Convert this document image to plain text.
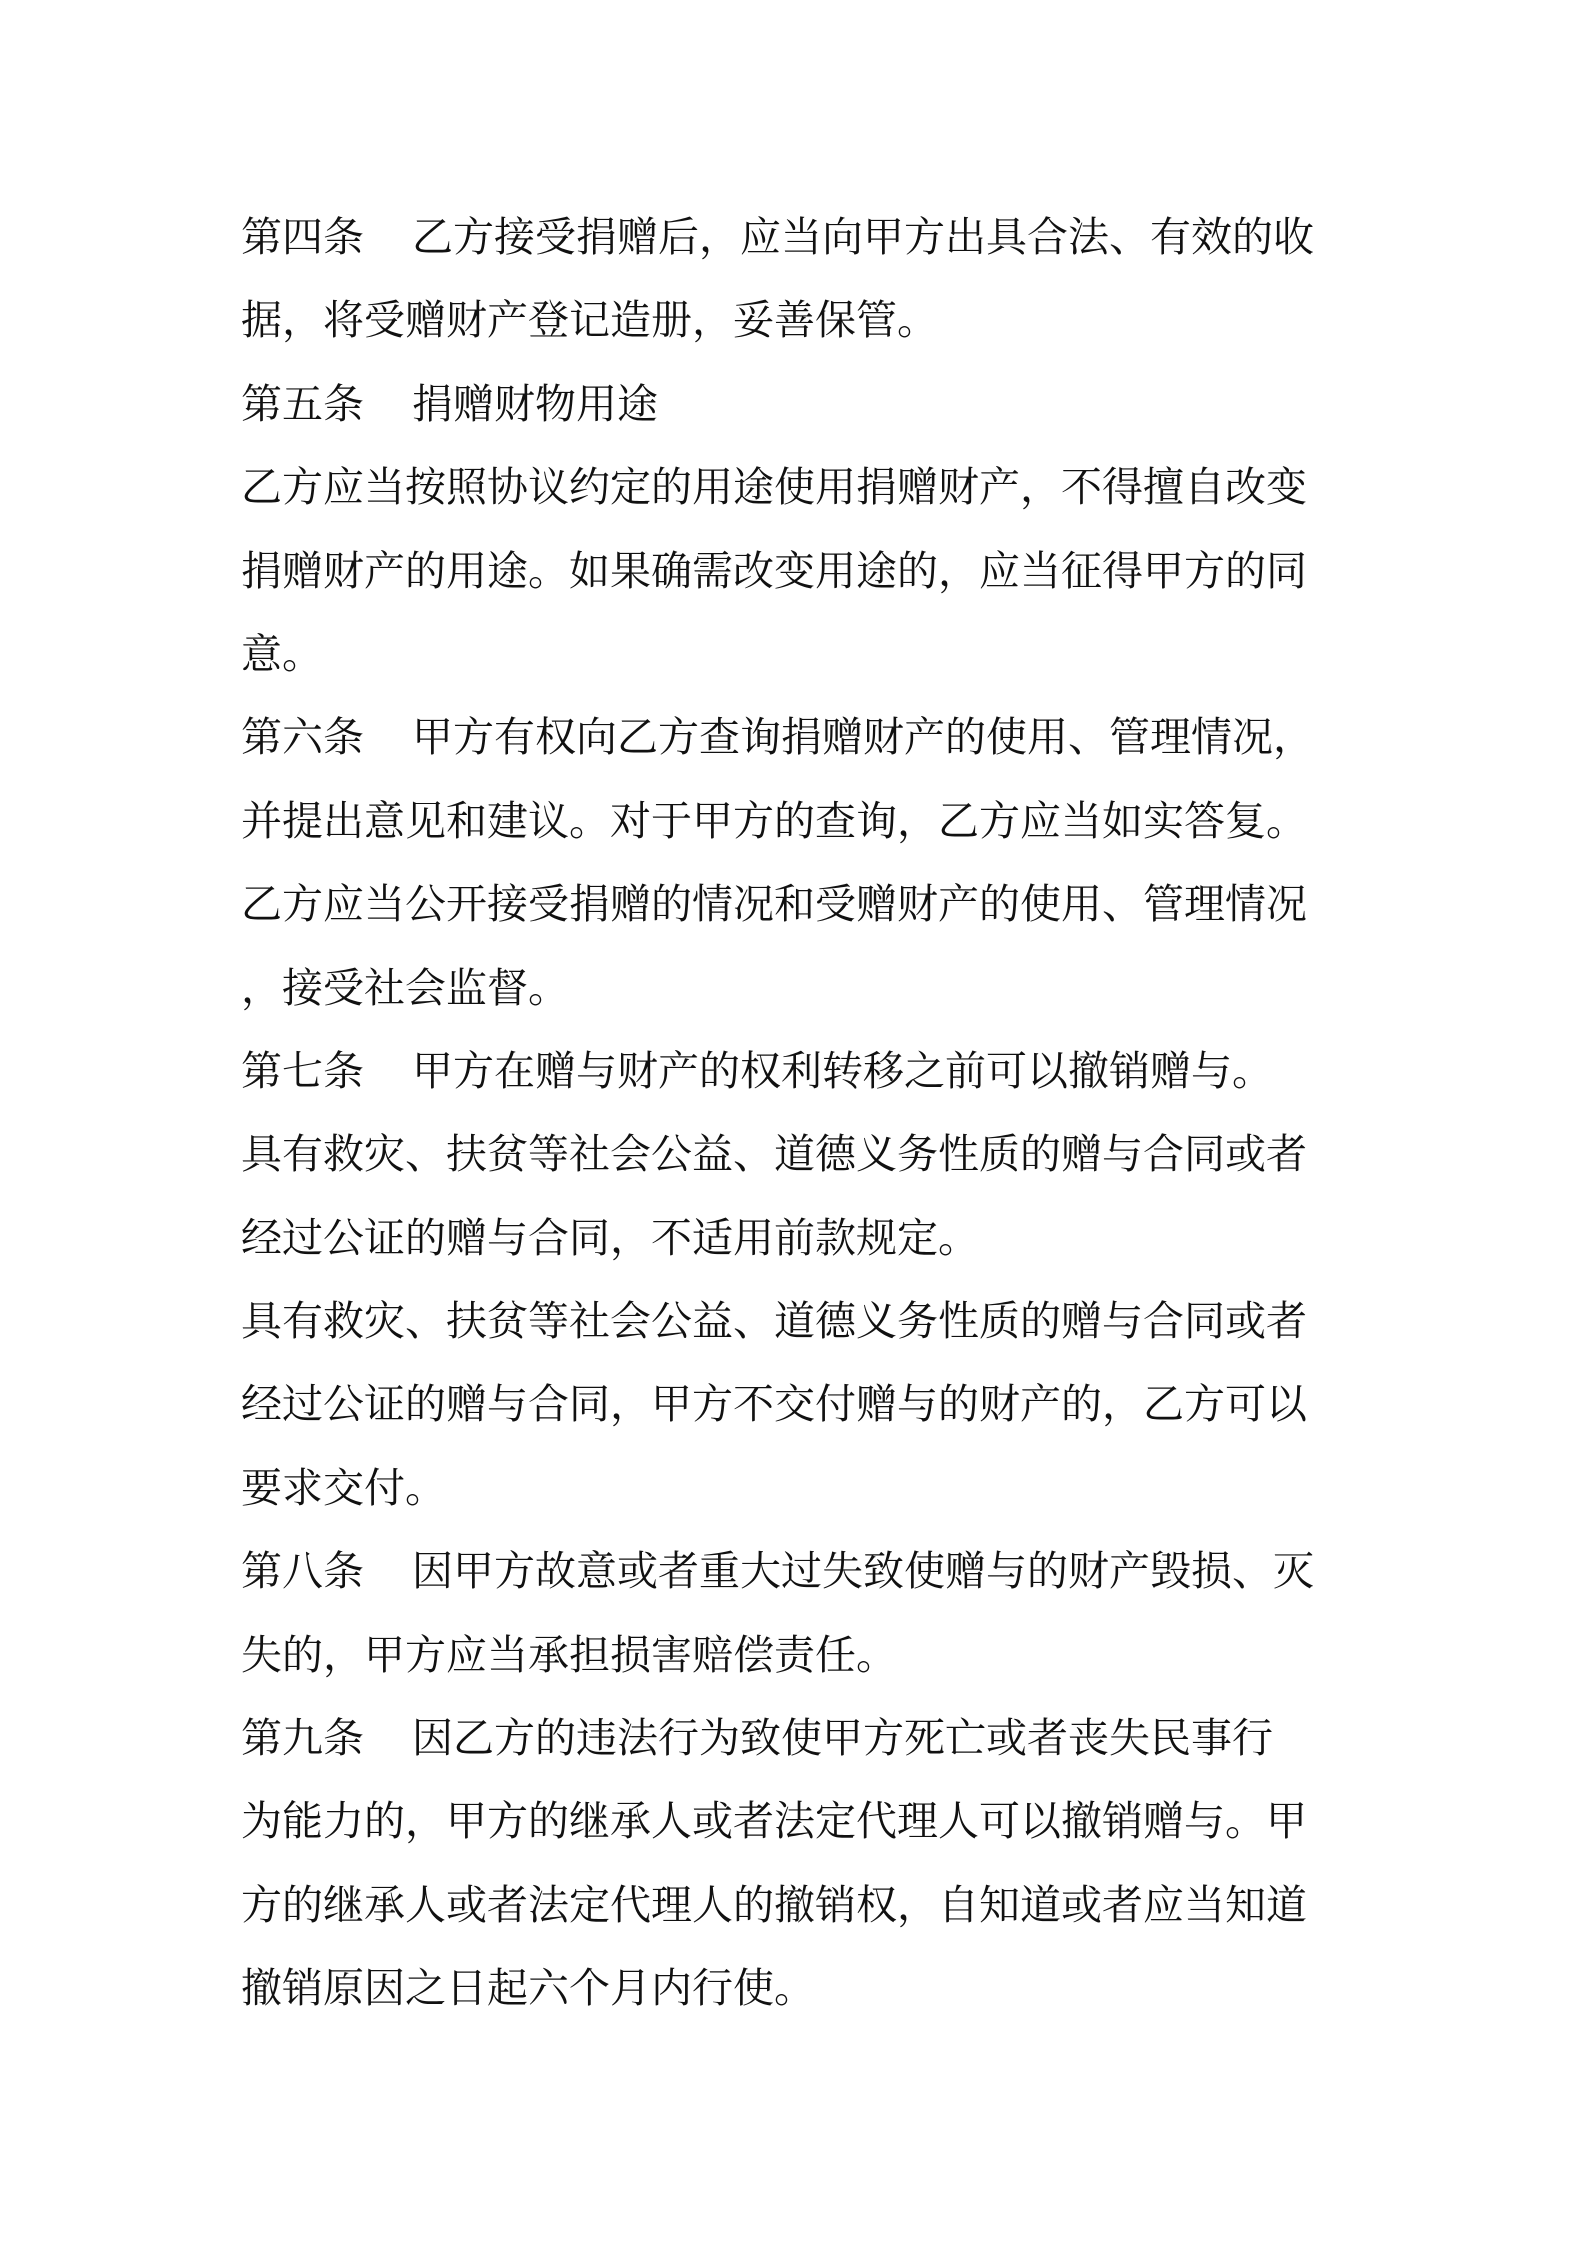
第四条 乙方接受捐赠后，应当向甲方出具合法、有效的收
据，将受赠财产登记造册，妥善保管。
第五条 捐赠财物用途
乙方应当按照协议约定的用途使用捐赠财产，不得擅自改变
捐赠财产的用途。如果确需改变用途的，应当征得甲方的同
意。
第六条 甲方有权向乙方查询捐赠财产的使用、管理情况，
并提出意见和建议。对于甲方的查询，乙方应当如实答复。
乙方应当公开接受捐赠的情况和受赠财产的使用、管理情况
，接受社会监督。
第七条 甲方在赠与财产的权利转移之前可以撤销赠与。
具有救灾、扶贫等社会公益、道德义务性质的赠与合同或者
经过公证的赠与合同，不适用前款规定。
具有救灾、扶贫等社会公益、道德义务性质的赠与合同或者
经过公证的赠与合同，甲方不交付赠与的财产的，乙方可以
要求交付。
第八条 因甲方故意或者重大过失致使赠与的财产毁损、灭
失的，甲方应当承担损害赔偿责任。
第九条 因乙方的违法行为致使甲方死亡或者丧失民事行
为能力的，甲方的继承人或者法定代理人可以撤销赠与。甲
方的继承人或者法定代理人的撤销权，自知道或者应当知道
撤销原因之日起六个月内行使。
